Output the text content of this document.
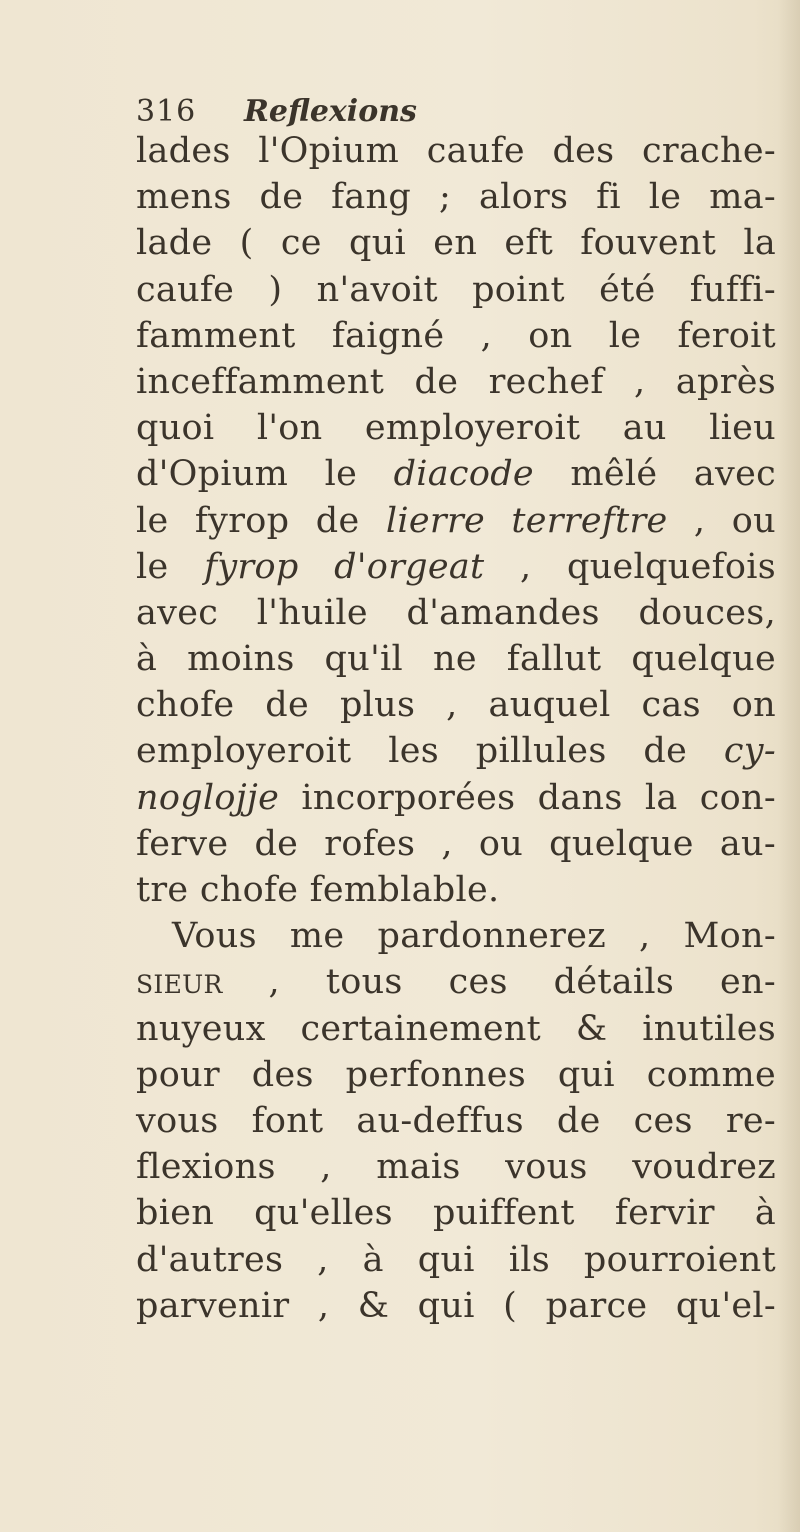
316 Reflexions
lades l'Opium caufe des crache-
mens de fang ; alors fi le ma-
lade ( ce qui en eft fouvent la
caufe ) n'avoit point été fuffi-
famment faigné , on le feroit
inceffamment de rechef , après
quoi l'on employeroit au lieu
d'Opium le diacode mêlé avec
le fyrop de lierre terreftre , ou
le fyrop d'orgeat , quelquefois
avec l'huile d'amandes douces,
à moins qu'il ne fallut quelque
chofe de plus , auquel cas on
employeroit les pillules de cy-
noglojje incorporées dans la con-
ferve de rofes , ou quelque au-
tre chofe femblable.
Vous me pardonnerez , Mon-
sieur , tous ces détails en-
nuyeux certainement & inutiles
pour des perfonnes qui comme
vous font au-deffus de ces re-
flexions , mais vous voudrez
bien qu'elles puiffent fervir à
d'autres , à qui ils pourroient
parvenir , & qui ( parce qu'el-
